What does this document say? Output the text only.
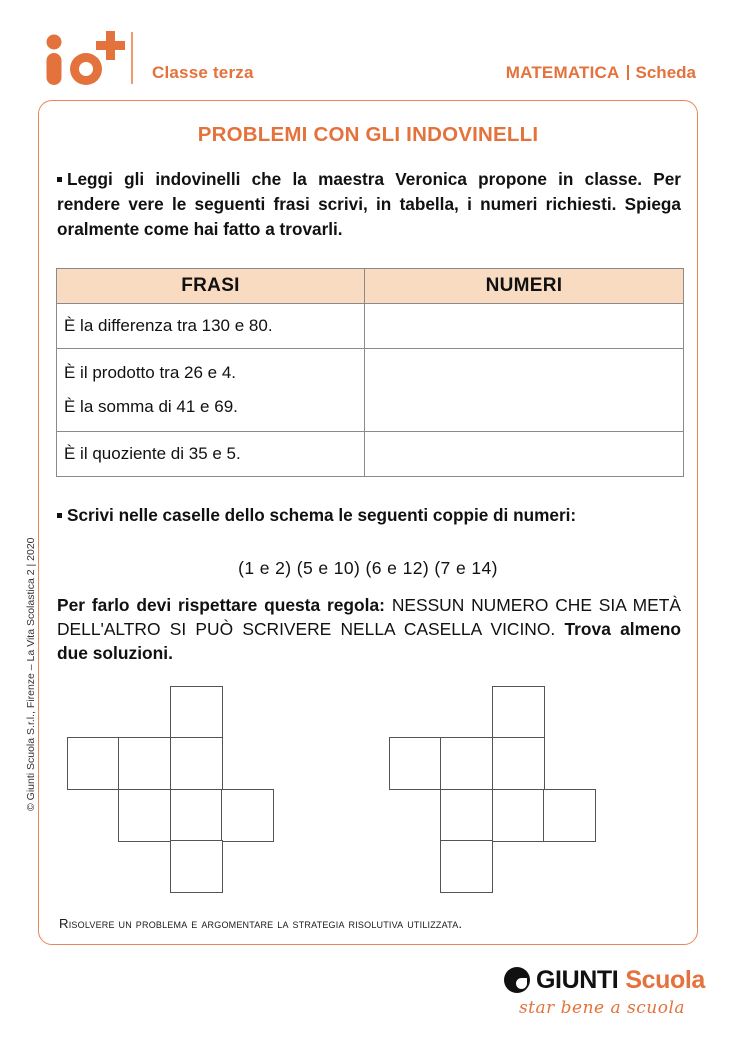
Classe terza	MATEMATICA Scheda
PROBLEMI CON GLI INDOVINELLI
Leggi gli indovinelli che la maestra Veronica propone in classe. Per rendere vere le seguenti frasi scrivi, in tabella, i numeri richiesti. Spiega oralmente come hai fatto a trovarli.
FRASI	NUMERI
È la differenza tra 130 e 80.	

È il prodotto tra 26 e 4.
È la somma di 41 e 69.	

È il quoziente di 35 e 5.	
Scrivi nelle caselle dello schema le seguenti coppie di numeri:
(1 e 2) (5 e 10) (6 e 12) (7 e 14)
Per farlo devi rispettare questa regola: NESSUN NUMERO CHE SIA METÀ DELL'ALTRO SI PUÒ SCRIVERE NELLA CASELLA VICINO. Trova almeno due soluzioni.
Risolvere un problema e argomentare la strategia risolutiva utilizzata.
© Giunti Scuola S.r.l., Firenze – La Vita Scolastica 2 | 2020
GIUNTI Scuola
star bene a scuola
